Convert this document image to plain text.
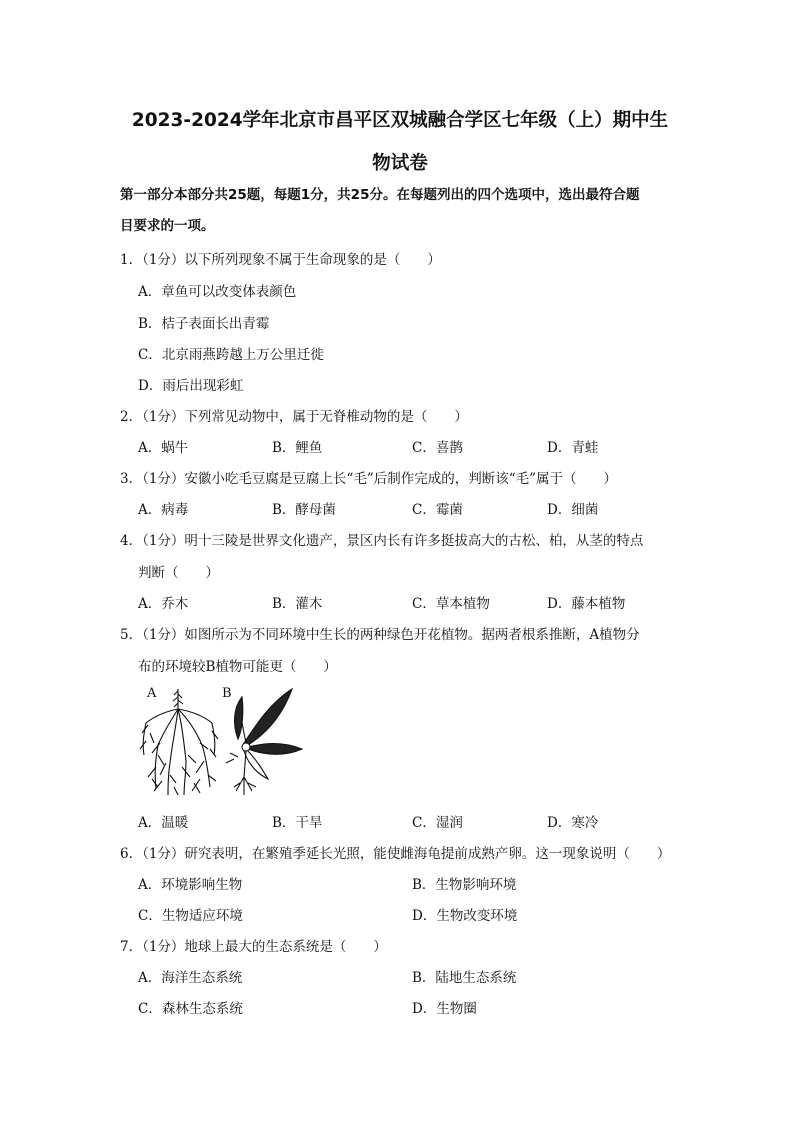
2023-2024学年北京市昌平区双城融合学区七年级（上）期中生
物试卷
第一部分本部分共25题，每题1分，共25分。在每题列出的四个选项中，选出最符合题
目要求的一项。
1．（1分）以下所列现象不属于生命现象的是（　　）
A．章鱼可以改变体表颜色
B．桔子表面长出青霉
C．北京雨燕跨越上万公里迁徙
D．雨后出现彩虹
2．（1分）下列常见动物中，属于无脊椎动物的是（　　）
A．蜗牛	B．鲤鱼	C．喜鹊	D．青蛙
3．（1分）安徽小吃毛豆腐是豆腐上长“毛”后制作完成的，判断该“毛”属于（　　）
A．病毒	B．酵母菌	C．霉菌	D．细菌
4．（1分）明十三陵是世界文化遗产，景区内长有许多挺拔高大的古松、柏，从茎的特点
判断（　　）
A．乔木	B．灌木	C．草本植物	D．藤本植物
5．（1分）如图所示为不同环境中生长的两种绿色开花植物。据两者根系推断，A植物分
布的环境较B植物可能更（　　）
A	B
A．温暖	B．干旱	C．湿润	D．寒冷
6．（1分）研究表明，在繁殖季延长光照，能使雌海龟提前成熟产卵。这一现象说明（　　）
A．环境影响生物	B．生物影响环境
C．生物适应环境	D．生物改变环境
7．（1分）地球上最大的生态系统是（　　）
A．海洋生态系统	B．陆地生态系统
C．森林生态系统	D．生物圈
